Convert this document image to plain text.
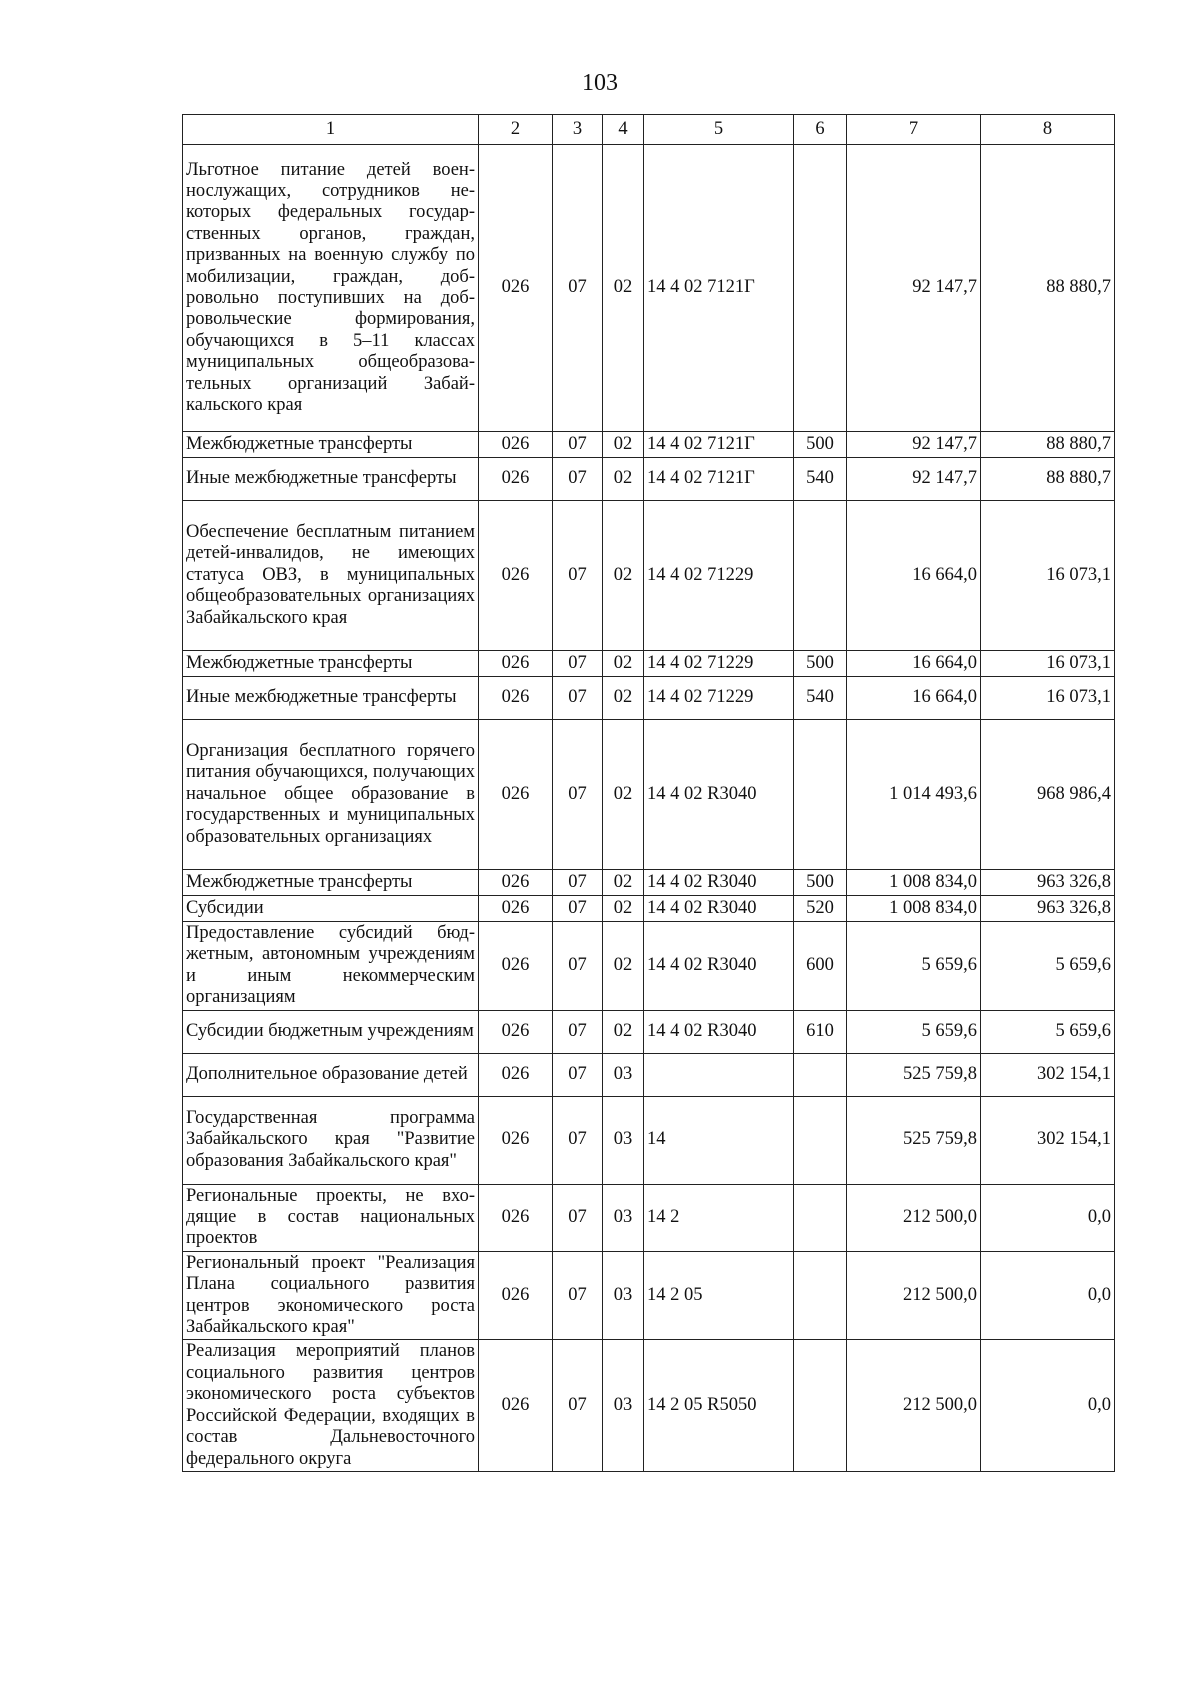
103
1	2	3	4	5	6	7	8
Льготное питание детей военнослужащих, сотрудников некоторых федеральных государственных органов, граждан, призванных на военную службу по мобилизации, граждан, добровольно поступивших на добровольческие формирования, обучающихся в 5–11 классах муниципальных общеобразовательных организаций Забайкальского края	026	07	02	14 4 02 7121Г		92 147,7	88 880,7
Межбюджетные трансферты	026	07	02	14 4 02 7121Г	500	92 147,7	88 880,7
Иные межбюджетные трансферты	026	07	02	14 4 02 7121Г	540	92 147,7	88 880,7
Обеспечение бесплатным питанием детей-инвалидов, не имеющих статуса ОВЗ, в муниципальных общеобразовательных организациях Забайкальского края	026	07	02	14 4 02 71229		16 664,0	16 073,1
Межбюджетные трансферты	026	07	02	14 4 02 71229	500	16 664,0	16 073,1
Иные межбюджетные трансферты	026	07	02	14 4 02 71229	540	16 664,0	16 073,1
Организация бесплатного горячего питания обучающихся, получающих начальное общее образование в государственных и муниципальных образовательных организациях	026	07	02	14 4 02 R3040		1 014 493,6	968 986,4
Межбюджетные трансферты	026	07	02	14 4 02 R3040	500	1 008 834,0	963 326,8
Субсидии	026	07	02	14 4 02 R3040	520	1 008 834,0	963 326,8
Предоставление субсидий бюджетным, автономным учреждениям и иным некоммерческим организациям	026	07	02	14 4 02 R3040	600	5 659,6	5 659,6
Субсидии бюджетным учреждениям	026	07	02	14 4 02 R3040	610	5 659,6	5 659,6
Дополнительное образование детей	026	07	03			525 759,8	302 154,1
Государственная программа Забайкальского края "Развитие образования Забайкальского края"	026	07	03	14		525 759,8	302 154,1
Региональные проекты, не входящие в состав национальных проектов	026	07	03	14 2		212 500,0	0,0
Региональный проект "Реализация Плана социального развития центров экономического роста Забайкальского края"	026	07	03	14 2 05		212 500,0	0,0
Реализация мероприятий планов социального развития центров экономического роста субъектов Российской Федерации, входящих в состав Дальневосточного федерального округа	026	07	03	14 2 05 R5050		212 500,0	0,0
